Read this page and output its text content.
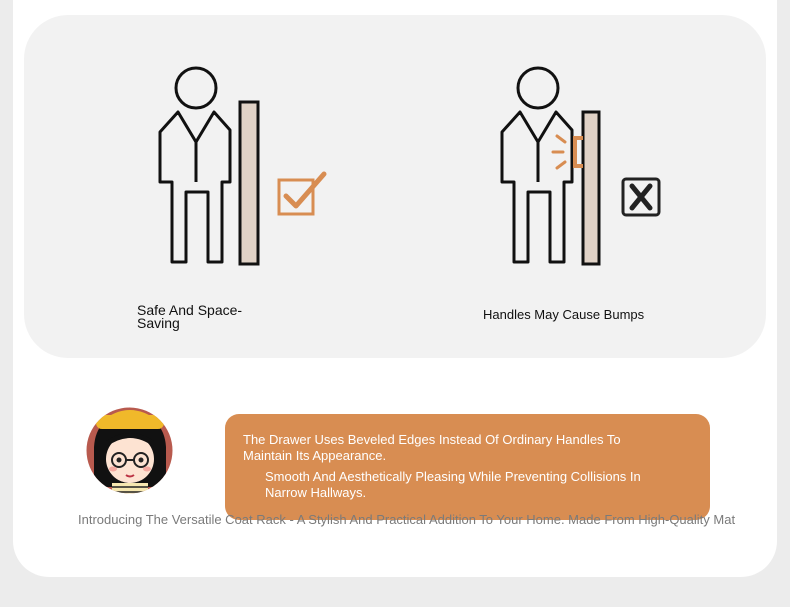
Safe And Space-Saving
Handles May Cause Bumps
The Drawer Uses Beveled Edges Instead Of Ordinary Handles To Maintain Its Appearance.
Smooth And Aesthetically Pleasing While Preventing Collisions In Narrow Hallways.
Introducing The Versatile Coat Rack - A Stylish And Practical Addition To Your Home. Made From High-Quality Mat
